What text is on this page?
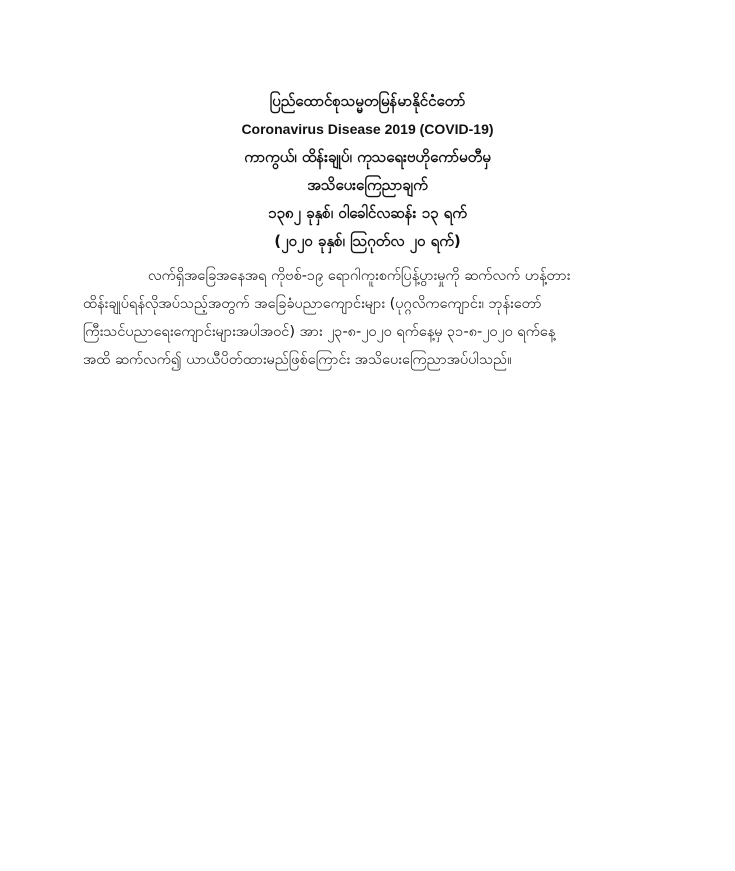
ပြည်ထောင်စုသမ္မတမြန်မာနိုင်ငံတော်
Coronavirus Disease 2019 (COVID-19)
ကာကွယ်၊ ထိန်းချုပ်၊ ကုသရေးဗဟိုကော်မတီမှ
အသိပေးကြေညာချက်
၁၃၈၂ ခုနှစ်၊ ဝါခေါင်လဆန်း ၁၃ ရက်
(၂၀၂၀ ခုနှစ်၊ ဩဂုတ်လ ၂၀ ရက်)
လက်ရှိအခြေအနေအရ ကိုဗစ်-၁၉ ရောဂါကူးစက်ပြန့်ပွားမှုကို ဆက်လက် ဟန့်တား
ထိန်းချုပ်ရန်လိုအပ်သည့်အတွက် အခြေခံပညာကျောင်းများ (ပုဂ္ဂလိကကျောင်း၊ ဘုန်းတော်
ကြီးသင်ပညာရေးကျောင်းများအပါအဝင်) အား ၂၃-၈-၂၀၂၀ ရက်နေ့မှ ၃၁-၈-၂၀၂၀ ရက်နေ့
အထိ ဆက်လက်၍ ယာယီပိတ်ထားမည်ဖြစ်ကြောင်း အသိပေးကြေညာအပ်ပါသည်။
